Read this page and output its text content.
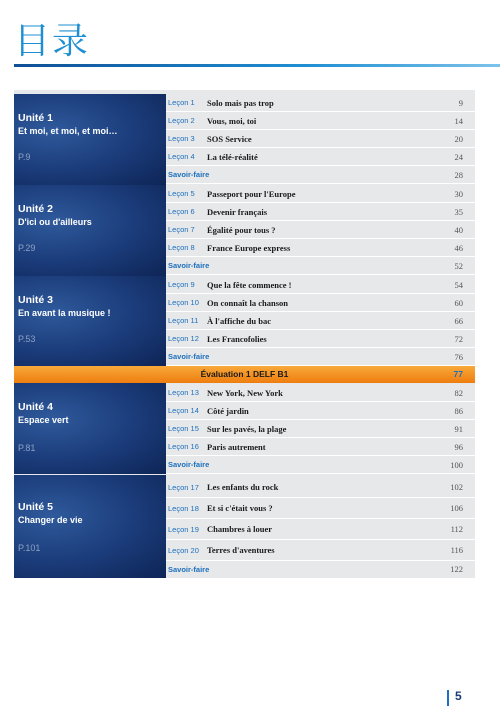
目录
Unité 1
Et moi, et moi, et moi…
P.9
Leçon 1 Solo mais pas trop	9
Leçon 2 Vous, moi, toi	14
Leçon 3 SOS Service	20
Leçon 4 La télé-réalité	24
Savoir-faire	28
Unité 2
D'ici ou d'ailleurs
P.29
Leçon 5 Passeport pour l'Europe	30
Leçon 6 Devenir français	35
Leçon 7 Égalité pour tous ?	40
Leçon 8 France Europe express	46
Savoir-faire	52
Unité 3
En avant la musique !
P.53
Leçon 9 Que la fête commence !	54
Leçon 10 On connaît la chanson	60
Leçon 11 À l'affiche du bac	66
Leçon 12 Les Francofolies	72
Savoir-faire	76
Évaluation 1 DELF B1	77
Unité 4
Espace vert
P.81
Leçon 13 New York, New York	82
Leçon 14 Côté jardin	86
Leçon 15 Sur les pavés, la plage	91
Leçon 16 Paris autrement	96
Savoir-faire	100
Unité 5
Changer de vie
P.101
Leçon 17 Les enfants du rock	102
Leçon 18 Et si c'était vous ?	106
Leçon 19 Chambres à louer	112
Leçon 20 Terres d'aventures	116
Savoir-faire	122
5
